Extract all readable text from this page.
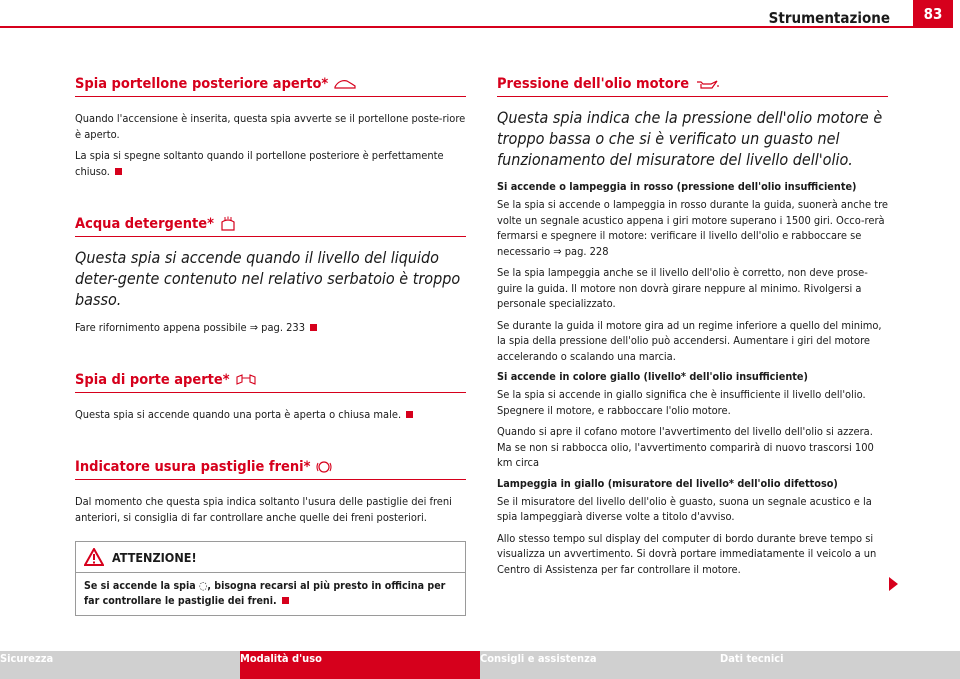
Strumentazione	83
Spia portellone posteriore aperto*

Quando l'accensione è inserita, questa spia avverte se il portellone poste-riore è aperto.

La spia si spegne soltanto quando il portellone posteriore è perfettamente chiuso.

Acqua detergente*
Questa spia si accende quando il livello del liquido deter-gente contenuto nel relativo serbatoio è troppo basso.

Fare rifornimento appena possibile ⇒ pag. 233

Spia di porte aperte*

Questa spia si accende quando una porta è aperta o chiusa male.

Indicatore usura pastiglie freni*

Dal momento che questa spia indica soltanto l'usura delle pastiglie dei freni anteriori, si consiglia di far controllare anche quelle dei freni posteriori.

ATTENZIONE!
Se si accende la spia ◌, bisogna recarsi al più presto in officina per far controllare le pastiglie dei freni.
Pressione dell'olio motore
Questa spia indica che la pressione dell'olio motore è troppo bassa o che si è verificato un guasto nel funzionamento del misuratore del livello dell'olio.
Si accende o lampeggia in rosso (pressione dell'olio insufficiente)

Se la spia si accende o lampeggia in rosso durante la guida, suonerà anche tre volte un segnale acustico appena i giri motore superano i 1500 giri. Occo-rerà fermarsi e spegnere il motore: verificare il livello dell'olio e rabboccare se necessario ⇒ pag. 228

Se la spia lampeggia anche se il livello dell'olio è corretto, non deve prose-guire la guida. Il motore non dovrà girare neppure al minimo. Rivolgersi a personale specializzato.

Se durante la guida il motore gira ad un regime inferiore a quello del minimo, la spia della pressione dell'olio può accendersi. Aumentare i giri del motore accelerando o scalando una marcia.

Si accende in colore giallo (livello* dell'olio insufficiente)

Se la spia si accende in giallo significa che è insufficiente il livello dell'olio. Spegnere il motore, e rabboccare l'olio motore.

Quando si apre il cofano motore l'avvertimento del livello dell'olio si azzera. Ma se non si rabbocca olio, l'avvertimento comparirà di nuovo trascorsi 100 km circa

Lampeggia in giallo (misuratore del livello* dell'olio difettoso)

Se il misuratore del livello dell'olio è guasto, suona un segnale acustico e la spia lampeggiarà diverse volte a titolo d'avviso.

Allo stesso tempo sul display del computer di bordo durante breve tempo si visualizza un avvertimento. Si dovrà portare immediatamente il veicolo a un Centro di Assistenza per far controllare il motore.

Sicurezza	Modalità d'uso	Consigli e assistenza	Dati tecnici
